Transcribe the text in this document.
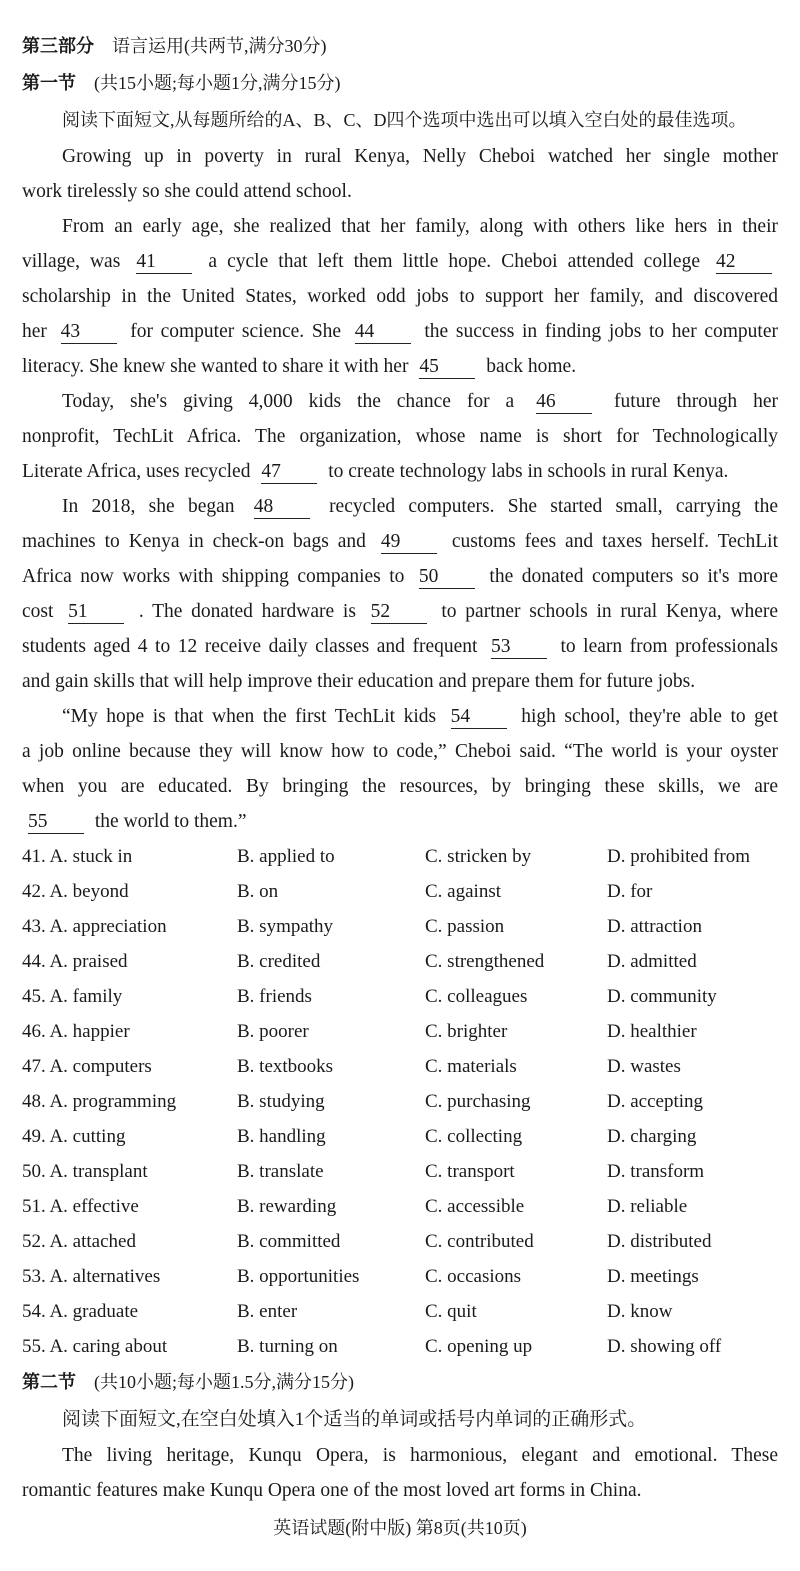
第三部分 语言运用(共两节,满分30分)
第一节 (共15小题;每小题1分,满分15分)
阅读下面短文,从每题所给的A、B、C、D四个选项中选出可以填入空白处的最佳选项。
Growing up in poverty in rural Kenya, Nelly Cheboi watched her single mother
work tirelessly so she could attend school.
From an early age, she realized that her family, along with others like hers in their
village, was 41	a cycle that left them little hope. Cheboi attended college 42
scholarship in the United States, worked odd jobs to support her family, and discovered
her 43	for computer science. She 44	the success in finding jobs to her computer
literacy. She knew she wanted to share it with her 45 back home.
Today, she's giving 4,000 kids the chance for a 46	future through her
nonprofit, TechLit Africa. The organization, whose name is short for Technologically
Literate Africa, uses recycled 47 to create technology labs in schools in rural Kenya.
In 2018, she began 48	recycled computers. She started small, carrying the
machines to Kenya in check-on bags and 49	customs fees and taxes herself. TechLit
Africa now works with shipping companies to 50	the donated computers so it's more
cost 51	. The donated hardware is 52	to partner schools in rural Kenya, where
students aged 4 to 12 receive daily classes and frequent 53	to learn from professionals
and gain skills that will help improve their education and prepare them for future jobs.
“My hope is that when the first TechLit kids 54	high school, they're able to get
a job online because they will know how to code,” Cheboi said. “The world is your oyster
when you are educated. By bringing the resources, by bringing these skills, we are
55 the world to them.”
41. A. stuck in	B. applied to	C. stricken by	D. prohibited from
42. A. beyond	B. on	C. against	D. for
43. A. appreciation	B. sympathy	C. passion	D. attraction
44. A. praised	B. credited	C. strengthened	D. admitted
45. A. family	B. friends	C. colleagues	D. community
46. A. happier	B. poorer	C. brighter	D. healthier
47. A. computers	B. textbooks	C. materials	D. wastes
48. A. programming	B. studying	C. purchasing	D. accepting
49. A. cutting	B. handling	C. collecting	D. charging
50. A. transplant	B. translate	C. transport	D. transform
51. A. effective	B. rewarding	C. accessible	D. reliable
52. A. attached	B. committed	C. contributed	D. distributed
53. A. alternatives	B. opportunities	C. occasions	D. meetings
54. A. graduate	B. enter	C. quit	D. know
55. A. caring about	B. turning on	C. opening up	D. showing off
第二节 (共10小题;每小题1.5分,满分15分)
阅读下面短文,在空白处填入1个适当的单词或括号内单词的正确形式。
The living heritage, Kunqu Opera, is harmonious, elegant and emotional. These
romantic features make Kunqu Opera one of the most loved art forms in China.
英语试题(附中版) 第8页(共10页)
